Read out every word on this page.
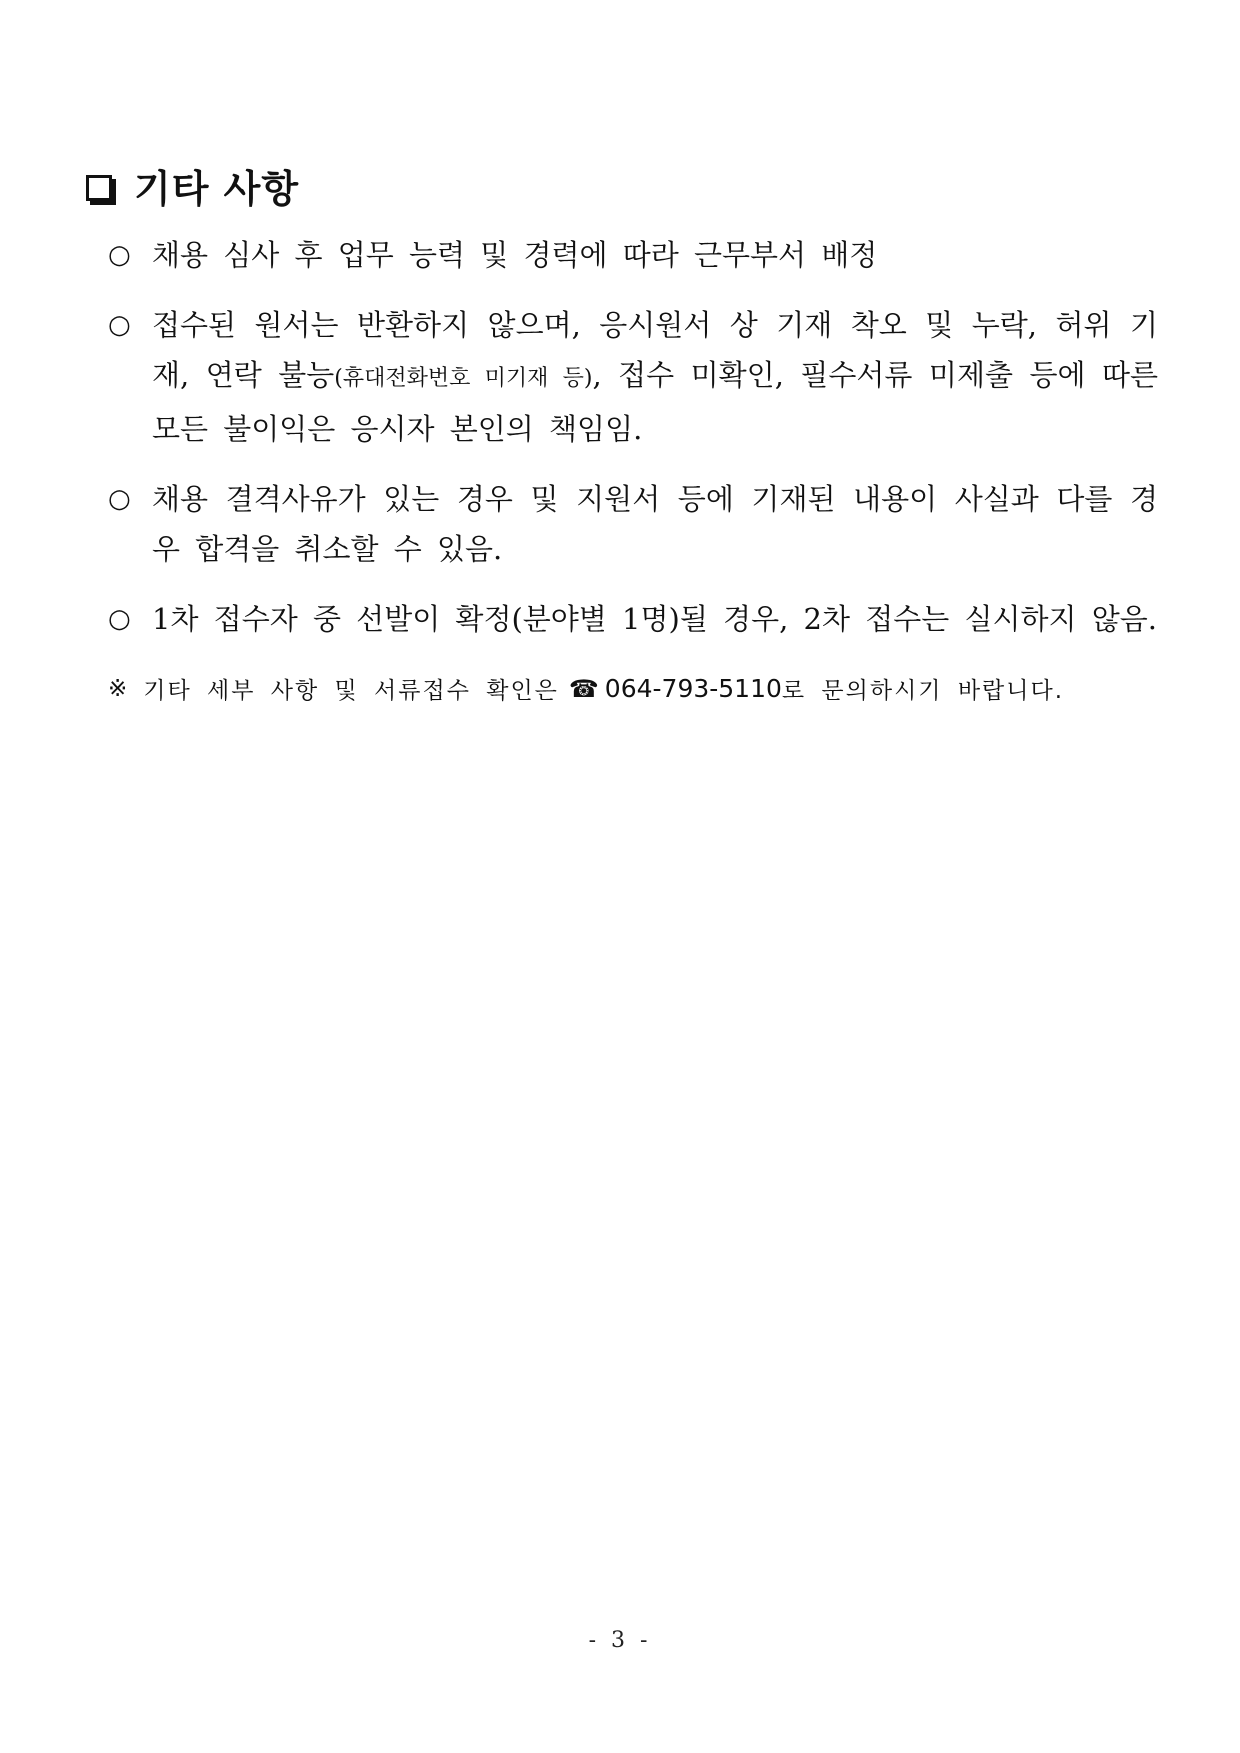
기타 사항
○ 채용 심사 후 업무 능력 및 경력에 따라 근무부서 배정
○ 접수된 원서는 반환하지 않으며, 응시원서 상 기재 착오 및 누락, 허위 기재, 연락 불능(휴대전화번호 미기재 등), 접수 미확인, 필수서류 미제출 등에 따른 모든 불이익은 응시자 본인의 책임임.
○ 채용 결격사유가 있는 경우 및 지원서 등에 기재된 내용이 사실과 다를 경우 합격을 취소할 수 있음.
○ 1차 접수자 중 선발이 확정(분야별 1명)될 경우, 2차 접수는 실시하지 않음.
※ 기타 세부 사항 및 서류접수 확인은 ☎ 064-793-5110 로 문의하시기 바랍니다.
- 3 -
